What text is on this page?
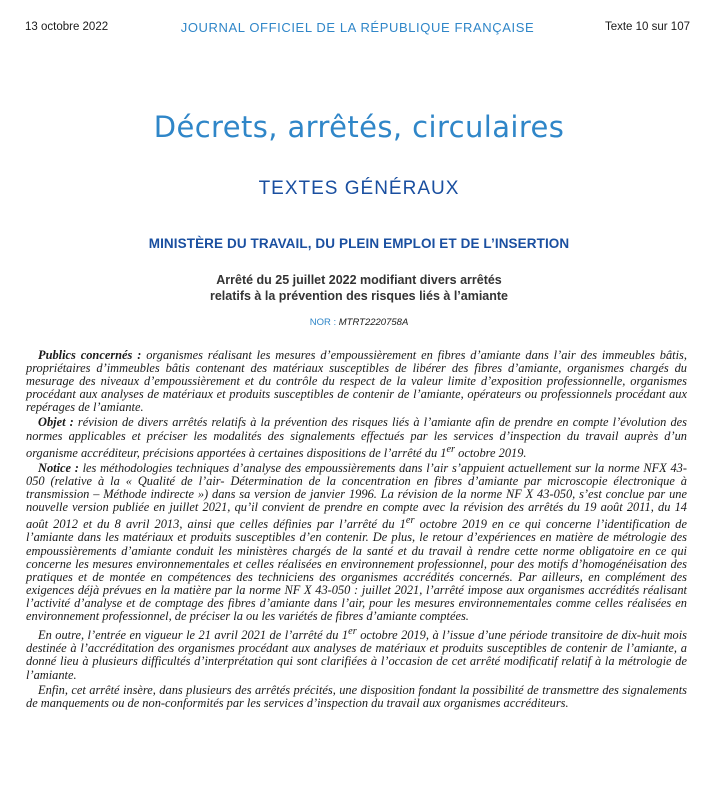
13 octobre 2022	JOURNAL OFFICIEL DE LA RÉPUBLIQUE FRANÇAISE	Texte 10 sur 107
Décrets, arrêtés, circulaires
TEXTES GÉNÉRAUX
MINISTÈRE DU TRAVAIL, DU PLEIN EMPLOI ET DE L’INSERTION
Arrêté du 25 juillet 2022 modifiant divers arrêtés
relatifs à la prévention des risques liés à l’amiante
NOR : MTRT2220758A

Publics concernés : organismes réalisant les mesures d’empoussièrement en fibres d’amiante dans l’air des immeubles bâtis, propriétaires d’immeubles bâtis contenant des matériaux susceptibles de libérer des fibres d’amiante, organismes chargés du mesurage des niveaux d’empoussièrement et du contrôle du respect de la valeur limite d’exposition professionnelle, organismes procédant aux analyses de matériaux et produits susceptibles de contenir de l’amiante, opérateurs ou professionnels procédant aux repérages de l’amiante.

Objet : révision de divers arrêtés relatifs à la prévention des risques liés à l’amiante afin de prendre en compte l’évolution des normes applicables et préciser les modalités des signalements effectués par les services d’inspection du travail auprès d’un organisme accréditeur, précisions apportées à certaines dispositions de l’arrêté du 1er octobre 2019.

Notice : les méthodologies techniques d’analyse des empoussièrements dans l’air s’appuient actuellement sur la norme NFX 43-050 (relative à la « Qualité de l’air- Détermination de la concentration en fibres d’amiante par microscopie électronique à transmission – Méthode indirecte ») dans sa version de janvier 1996. La révision de la norme NF X 43-050, s’est conclue par une nouvelle version publiée en juillet 2021, qu’il convient de prendre en compte avec la révision des arrêtés du 19 août 2011, du 14 août 2012 et du 8 avril 2013, ainsi que celles définies par l’arrêté du 1er octobre 2019 en ce qui concerne l’identification de l’amiante dans les matériaux et produits susceptibles d’en contenir. De plus, le retour d’expériences en matière de métrologie des empoussièrements d’amiante conduit les ministères chargés de la santé et du travail à rendre cette norme obligatoire en ce qui concerne les mesures environnementales et celles réalisées en environnement professionnel, pour des motifs d’homogénéisation des pratiques et de montée en compétences des techniciens des organismes accrédités concernés. Par ailleurs, en complément des exigences déjà prévues en la matière par la norme NF X 43-050 : juillet 2021, l’arrêté impose aux organismes accrédités réalisant l’activité d’analyse et de comptage des fibres d’amiante dans l’air, pour les mesures environnementales comme celles réalisées en environnement professionnel, de préciser la ou les variétés de fibres d’amiante comptées.

En outre, l’entrée en vigueur le 21 avril 2021 de l’arrêté du 1er octobre 2019, à l’issue d’une période transitoire de dix-huit mois destinée à l’accréditation des organismes procédant aux analyses de matériaux et produits susceptibles de contenir de l’amiante, a donné lieu à plusieurs difficultés d’interprétation qui sont clarifiées à l’occasion de cet arrêté modificatif relatif à la métrologie de l’amiante.

Enfin, cet arrêté insère, dans plusieurs des arrêtés précités, une disposition fondant la possibilité de transmettre des signalements de manquements ou de non-conformités par les services d’inspection du travail aux organismes accréditeurs.
